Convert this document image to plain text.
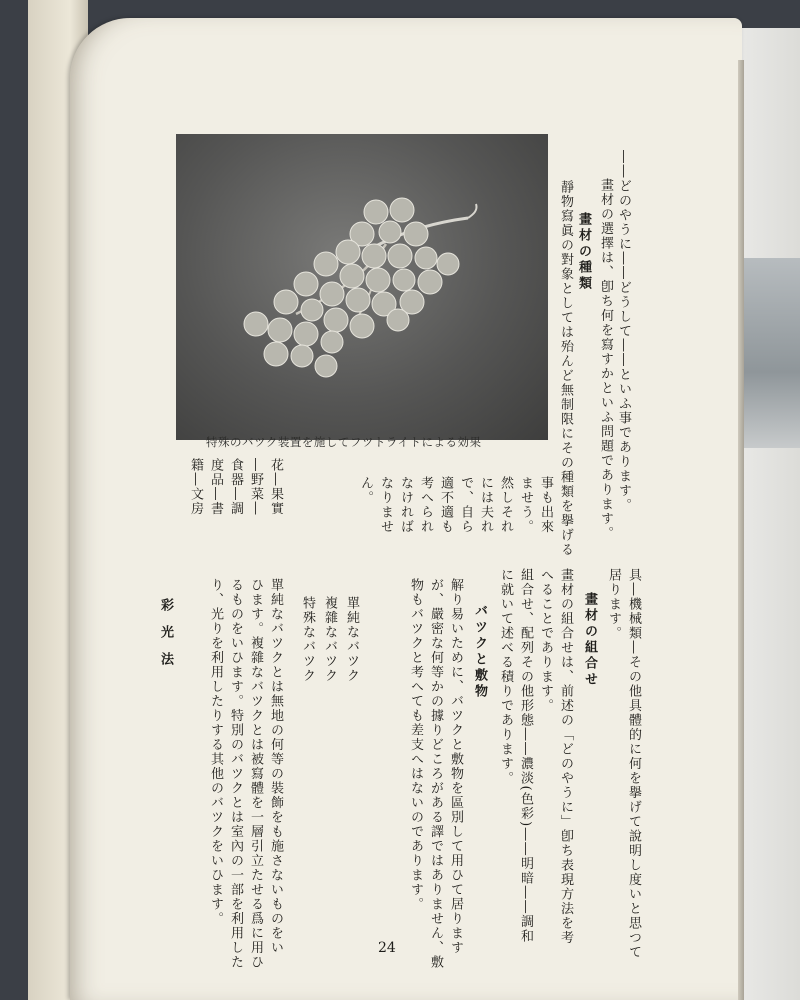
特殊のバツク装置を施してフツトライトによる効果	――どのやうに――どうして――といふ事であります。
畫材の選擇は、卽ち何を寫すかといふ問題であります。
畫材の種類
靜物寫眞の對象としては殆んど無制限にその種類を擧げる
事も出來
ませう。
然しそれ
には夫れ
で、自ら
適不適も
考へられ
なければ
なりませ
ん。
花―果實
―野菜―
食器―調
度品―書
籍―文房
具―機械類―その他具體的に何を擧げて說明し度いと思つて
居ります。
畫材の組合せ
畫材の組合せは、前述の「どのやうに」卽ち表現方法を考
へることであります。
組合せ、配列その他形態――濃淡(色彩)――明暗――調和
に就いて述べる積りであります。
バツクと敷物
解り易いために、バツクと敷物を區別して用ひて居ります
が、嚴密な何等かの據りどころがある譯ではありません、敷
物もバツクと考へても差支へはないのであります。
單純なバツク
複雜なバツク
特殊なバツク
單純なバツクとは無地の何等の裝飾をも施さないものをい
ひます。複雜なバツクとは被寫體を一層引立たせる爲に用ひ
るものをいひます。特別のバツクとは室內の一部を利用した
り、光りを利用したりする其他のバツクをいひます。
彩光法
24
